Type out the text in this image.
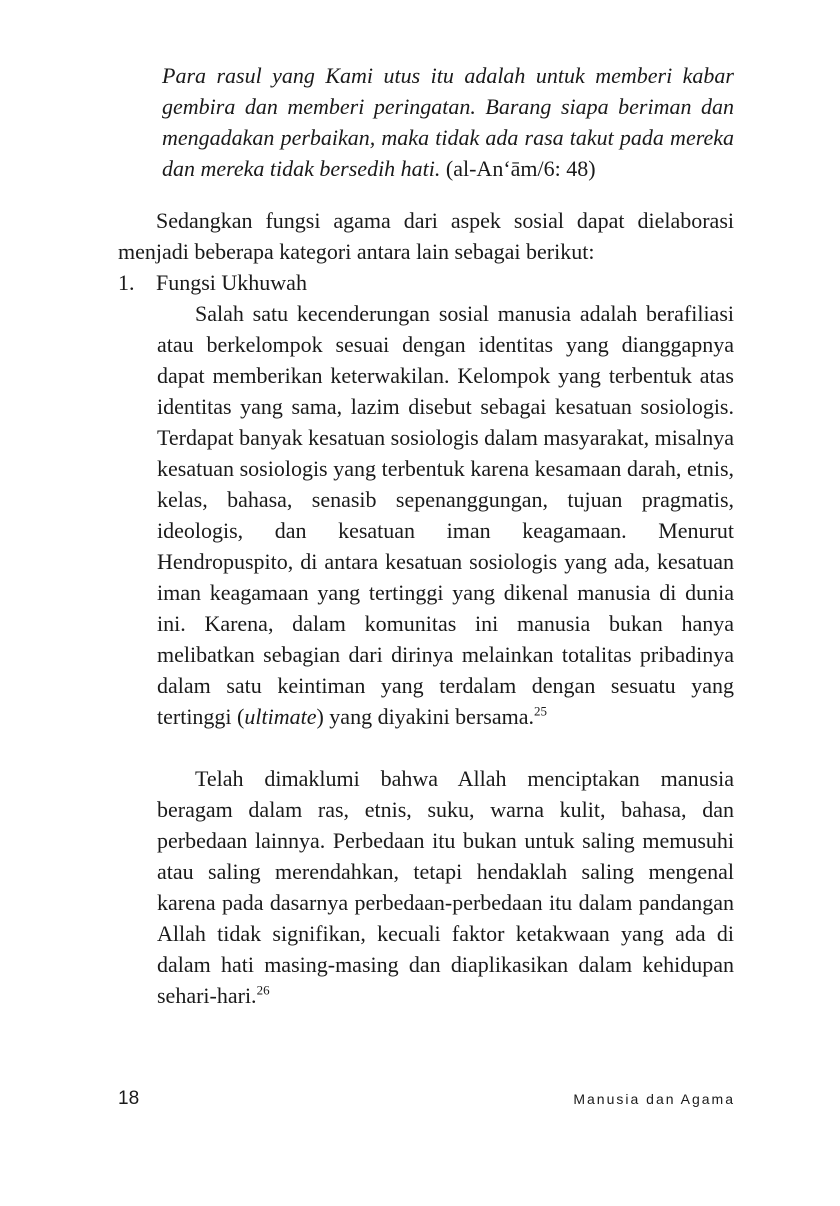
Para rasul yang Kami utus itu adalah untuk memberi kabar gembira dan memberi peringatan. Barang siapa beriman dan mengadakan perbaikan, maka tidak ada rasa takut pada mereka dan mereka tidak bersedih hati. (al-An‘ām/6: 48)

Sedangkan fungsi agama dari aspek sosial dapat dielaborasi menjadi beberapa kategori antara lain sebagai berikut:

1. Fungsi Ukhuwah

Salah satu kecenderungan sosial manusia adalah berafiliasi atau berkelompok sesuai dengan identitas yang dianggapnya dapat memberikan keterwakilan. Kelompok yang terbentuk atas identitas yang sama, lazim disebut sebagai kesatuan sosiologis. Terdapat banyak kesatuan sosiologis dalam masyarakat, misalnya kesatuan sosiologis yang terbentuk karena kesamaan darah, etnis, kelas, bahasa, senasib sepenanggungan, tujuan pragmatis, ideologis, dan kesatuan iman keagamaan. Menurut Hendropuspito, di antara kesatuan sosiologis yang ada, kesatuan iman keagamaan yang tertinggi yang dikenal manusia di dunia ini. Karena, dalam komunitas ini manusia bukan hanya melibatkan sebagian dari dirinya melainkan totalitas pribadinya dalam satu keintiman yang terdalam dengan sesuatu yang tertinggi (ultimate) yang diyakini bersama.$^{25}$

Telah dimaklumi bahwa Allah menciptakan manusia beragam dalam ras, etnis, suku, warna kulit, bahasa, dan perbedaan lainnya. Perbedaan itu bukan untuk saling memusuhi atau saling merendahkan, tetapi hendaklah saling mengenal karena pada dasarnya perbedaan-perbedaan itu dalam pandangan Allah tidak signifikan, kecuali faktor ketakwaan yang ada di dalam hati masing-masing dan diaplikasikan dalam kehidupan sehari-hari.$^{26}$

18	Manusia dan Agama
